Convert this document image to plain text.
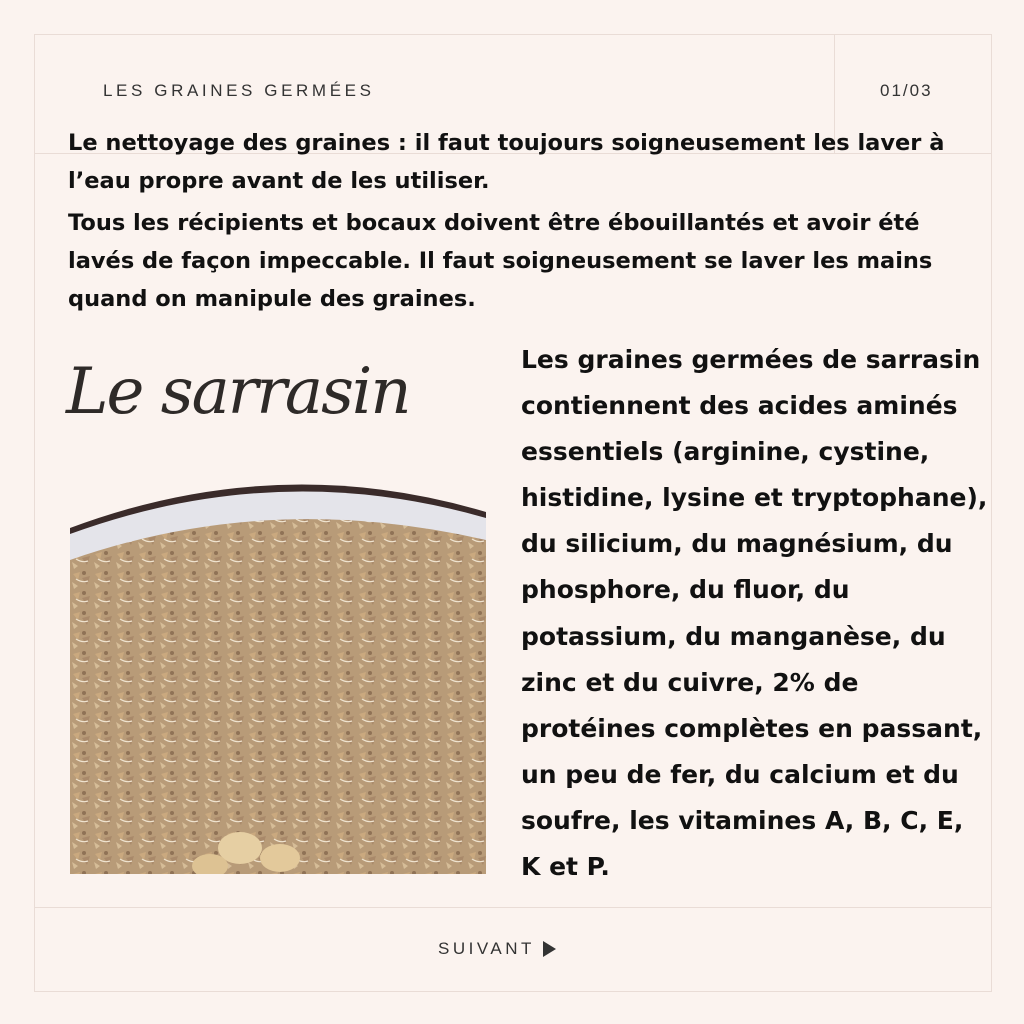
LES GRAINES GERMÉES	01/03

Le nettoyage des graines : il faut toujours soigneusement les laver à l’eau propre avant de les utiliser.

Tous les récipients et bocaux doivent être ébouillantés et avoir été lavés de façon impeccable. Il faut soigneusement se laver les mains quand on manipule des graines.

Le sarrasin	Les graines germées de sarrasin contiennent des acides aminés essentiels (arginine, cystine, histidine, lysine et tryptophane), du silicium, du magnésium, du phosphore, du fluor, du potassium, du manganèse, du zinc et du cuivre, 2% de protéines complètes en passant, un peu de fer, du calcium et du soufre, les vitamines A, B, C, E, K et P.
SUIVANT
